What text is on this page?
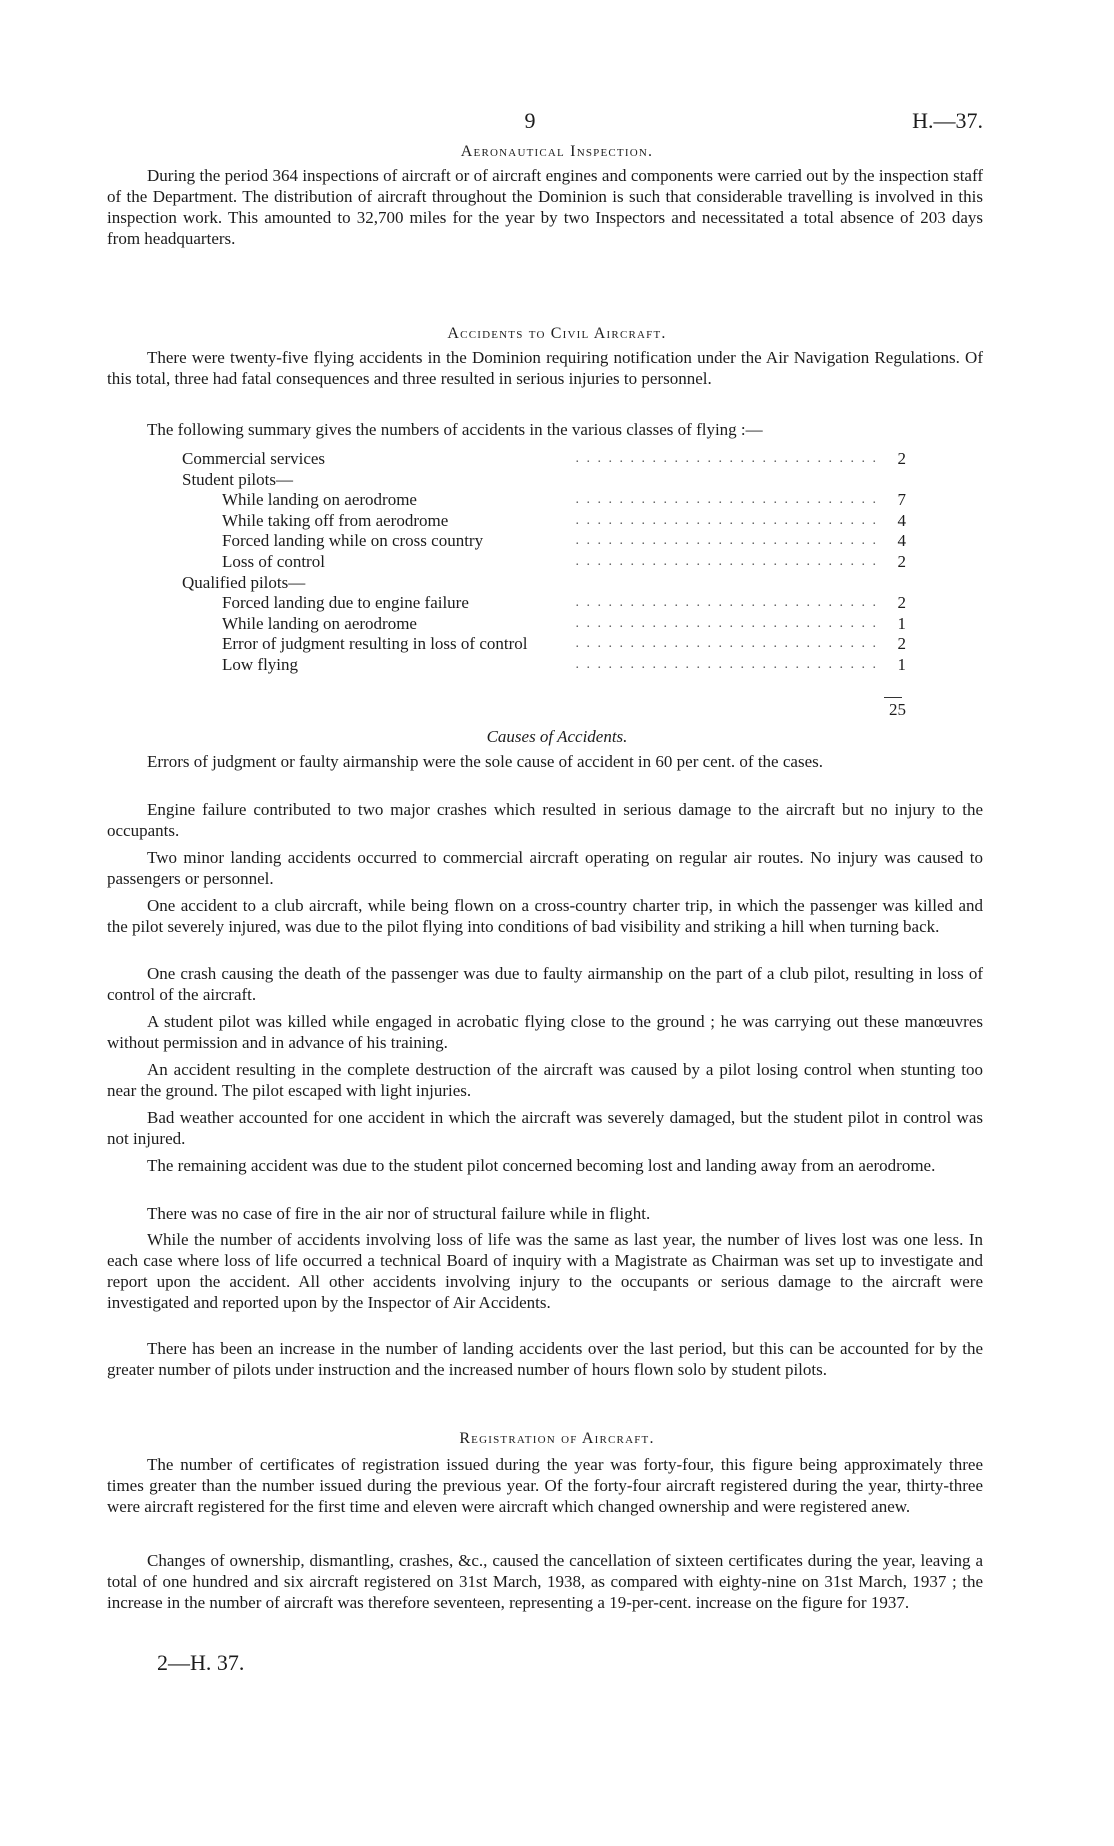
9	H.—37.
Aeronautical Inspection.

During the period 364 inspections of aircraft or of aircraft engines and components were carried out by the inspection staff of the Department. The distribution of aircraft throughout the Dominion is such that considerable travelling is involved in this inspection work. This amounted to 32,700 miles for the year by two Inspectors and necessitated a total absence of 203 days from headquarters.

Accidents to Civil Aircraft.

There were twenty-five flying accidents in the Dominion requiring notification under the Air Navigation Regulations. Of this total, three had fatal consequences and three resulted in serious injuries to personnel.

The following summary gives the numbers of accidents in the various classes of flying :—

. . . . . . . . . . . . . . . . . . . . . . . . . . . .
Commercial services	2
Student pilots—
. . . . . . . . . . . . . . . . . . . . . . . . . . . .
While landing on aerodrome	7
. . . . . . . . . . . . . . . . . . . . . . . . . . . .
While taking off from aerodrome	4
. . . . . . . . . . . . . . . . . . . . . . . . . . . .
Forced landing while on cross country	4
. . . . . . . . . . . . . . . . . . . . . . . . . . . .
Loss of control	2
Qualified pilots—
. . . . . . . . . . . . . . . . . . . . . . . . . . . .
Forced landing due to engine failure	2
. . . . . . . . . . . . . . . . . . . . . . . . . . . .
While landing on aerodrome	1
. . . . . . . . . . . . . . . . . . . . . . . . . . . .
Error of judgment resulting in loss of control	2
. . . . . . . . . . . . . . . . . . . . . . . . . . . .
Low flying	1
25
Causes of Accidents.

Errors of judgment or faulty airmanship were the sole cause of accident in 60 per cent. of the cases.

Engine failure contributed to two major crashes which resulted in serious damage to the aircraft but no injury to the occupants.

Two minor landing accidents occurred to commercial aircraft operating on regular air routes. No injury was caused to passengers or personnel.

One accident to a club aircraft, while being flown on a cross-country charter trip, in which the passenger was killed and the pilot severely injured, was due to the pilot flying into conditions of bad visibility and striking a hill when turning back.

One crash causing the death of the passenger was due to faulty airmanship on the part of a club pilot, resulting in loss of control of the aircraft.

A student pilot was killed while engaged in acrobatic flying close to the ground ; he was carrying out these manœuvres without permission and in advance of his training.

An accident resulting in the complete destruction of the aircraft was caused by a pilot losing control when stunting too near the ground. The pilot escaped with light injuries.

Bad weather accounted for one accident in which the aircraft was severely damaged, but the student pilot in control was not injured.

The remaining accident was due to the student pilot concerned becoming lost and landing away from an aerodrome.

There was no case of fire in the air nor of structural failure while in flight.

While the number of accidents involving loss of life was the same as last year, the number of lives lost was one less. In each case where loss of life occurred a technical Board of inquiry with a Magistrate as Chairman was set up to investigate and report upon the accident. All other accidents involving injury to the occupants or serious damage to the aircraft were investigated and reported upon by the Inspector of Air Accidents.

There has been an increase in the number of landing accidents over the last period, but this can be accounted for by the greater number of pilots under instruction and the increased number of hours flown solo by student pilots.

Registration of Aircraft.

The number of certificates of registration issued during the year was forty-four, this figure being approximately three times greater than the number issued during the previous year. Of the forty-four aircraft registered during the year, thirty-three were aircraft registered for the first time and eleven were aircraft which changed ownership and were registered anew.

Changes of ownership, dismantling, crashes, &c., caused the cancellation of sixteen certificates during the year, leaving a total of one hundred and six aircraft registered on 31st March, 1938, as compared with eighty-nine on 31st March, 1937 ; the increase in the number of aircraft was therefore seventeen, representing a 19-per-cent. increase on the figure for 1937.

2—H. 37.
